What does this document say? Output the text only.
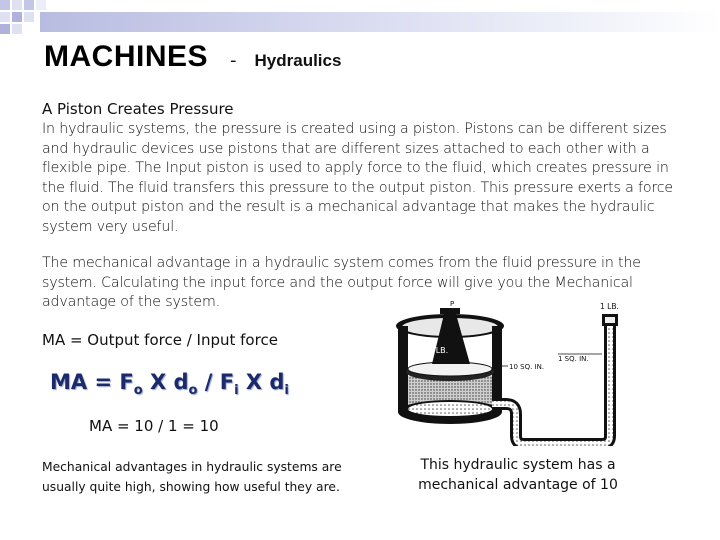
MACHINES - Hydraulics
A Piston Creates Pressure

In hydraulic systems, the pressure is created using a piston. Pistons can be different sizes and hydraulic devices use pistons that are different sizes attached to each other with a flexible pipe. The Input piston is used to apply force to the fluid, which creates pressure in the fluid. The fluid transfers this pressure to the output piston. This pressure exerts a force on the output piston and the result is a mechanical advantage that makes the hydraulic system very useful.

The mechanical advantage in a hydraulic system comes from the fluid pressure in the system. Calculating the input force and the output force will give you the Mechanical advantage of the system.

MA = Output force / Input force
MA = $F_o$ X $d_o / F_i$ X $d_i$
MA = 10 / 1 = 10
Mechanical advantages in hydraulic systems are usually quite high, showing how useful they are.
This hydraulic system has a mechanical advantage of 10
10 LB.
P	1 LB.
1 SQ. IN.
10 SQ. IN.
